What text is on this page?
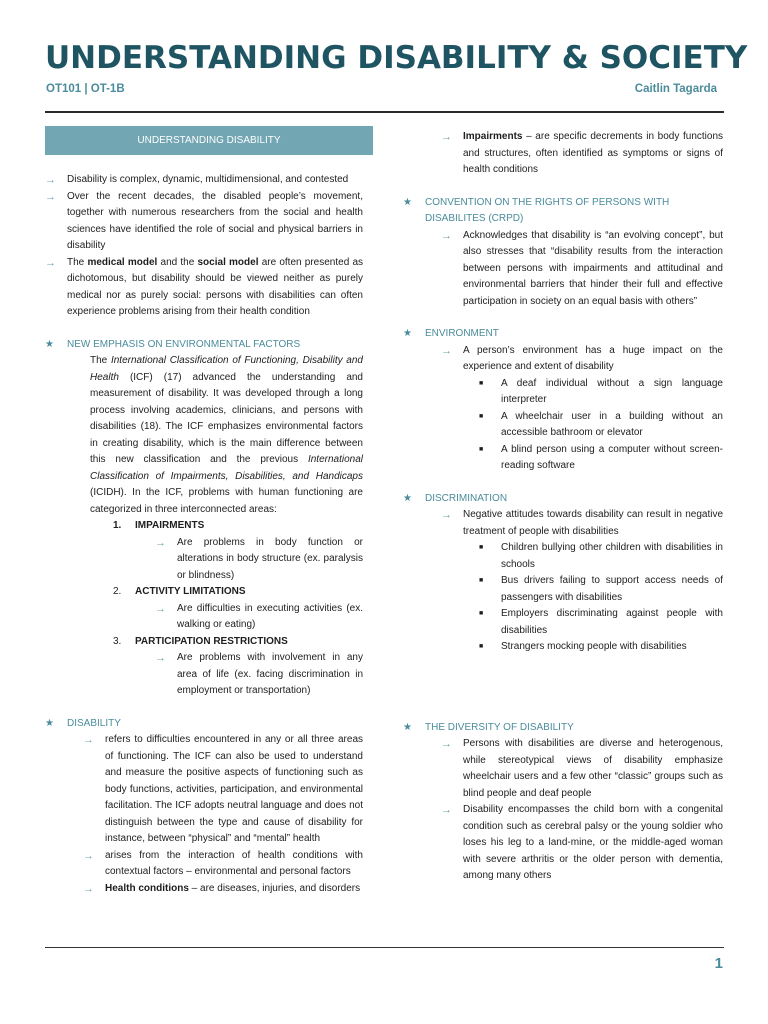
UNDERSTANDING DISABILITY & SOCIETY
OT101 | OT-1B	Caitlin Tagarda
UNDERSTANDING DISABILITY
→	Disability is complex, dynamic, multidimensional, and contested
→	Over the recent decades, the disabled people’s movement, together with numerous researchers from the social and health sciences have identified the role of social and physical barriers in disability
→	The medical model and the social model are often presented as dichotomous, but disability should be viewed neither as purely medical nor as purely social: persons with disabilities can often experience problems arising from their health condition
★	NEW EMPHASIS ON ENVIRONMENTAL FACTORS
The International Classification of Functioning, Disability and Health (ICF) (17) advanced the understanding and measurement of disability. It was developed through a long process involving academics, clinicians, and persons with disabilities (18). The ICF emphasizes environmental factors in creating disability, which is the main difference between this new classification and the previous International Classification of Impairments, Disabilities, and Handicaps (ICIDH). In the ICF, problems with human functioning are categorized in three interconnected areas:
1.	IMPAIRMENTS
→	Are problems in body function or alterations in body structure (ex. paralysis or blindness)
2.	ACTIVITY LIMITATIONS
→	Are difficulties in executing activities (ex. walking or eating)
3.	PARTICIPATION RESTRICTIONS
→	Are problems with involvement in any area of life (ex. facing discrimination in employment or transportation)
★	DISABILITY
→	refers to difficulties encountered in any or all three areas of functioning. The ICF can also be used to understand and measure the positive aspects of functioning such as body functions, activities, participation, and environmental facilitation. The ICF adopts neutral language and does not distinguish between the type and cause of disability for instance, between “physical” and “mental” health
→	arises from the interaction of health conditions with contextual factors – environmental and personal factors
→	Health conditions – are diseases, injuries, and disorders
→	Impairments – are specific decrements in body functions and structures, often identified as symptoms or signs of health conditions
★	CONVENTION ON THE RIGHTS OF PERSONS WITH DISABILITES (CRPD)
→	Acknowledges that disability is “an evolving concept”, but also stresses that “disability results from the interaction between persons with impairments and attitudinal and environmental barriers that hinder their full and effective participation in society on an equal basis with others”
★	ENVIRONMENT
→	A person’s environment has a huge impact on the experience and extent of disability
■	A deaf individual without a sign language interpreter
■	A wheelchair user in a building without an accessible bathroom or elevator
■	A blind person using a computer without screen-reading software
★	DISCRIMINATION
→	Negative attitudes towards disability can result in negative treatment of people with disabilities
■	Children bullying other children with disabilities in schools
■	Bus drivers failing to support access needs of passengers with disabilities
■	Employers discriminating against people with disabilities
■	Strangers mocking people with disabilities
★	THE DIVERSITY OF DISABILITY
→	Persons with disabilities are diverse and heterogenous, while stereotypical views of disability emphasize wheelchair users and a few other “classic” groups such as blind people and deaf people
→	Disability encompasses the child born with a congenital condition such as cerebral palsy or the young soldier who loses his leg to a land-mine, or the middle-aged woman with severe arthritis or the older person with dementia, among many others
1
